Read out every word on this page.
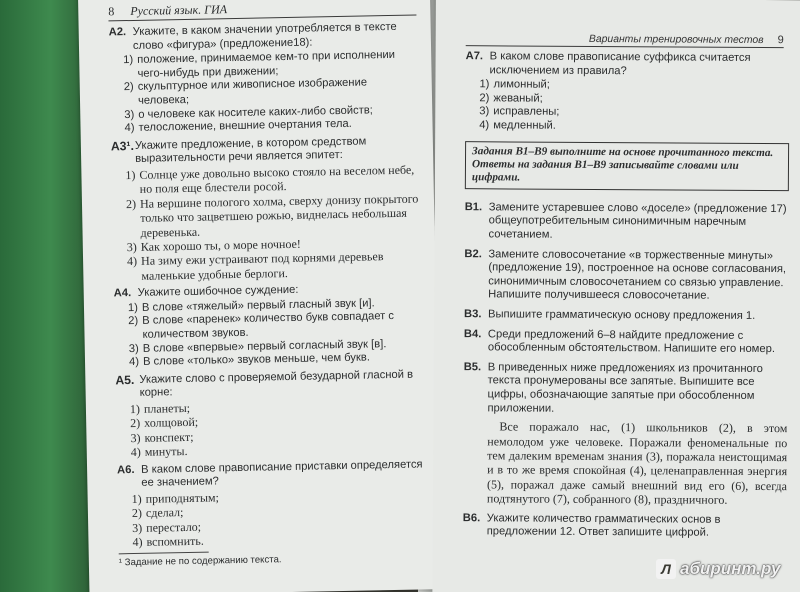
8	Русский язык. ГИА
А2. Укажите, в каком значении употребляется в тексте слово «фигура» (предложение18):
1) положение, принимаемое кем-то при исполнении чего-нибудь при движении;
2) скульптурное или живописное изображение человека;
3) о человеке как носителе каких-либо свойств;
4) телосложение, внешние очертания тела.
А3¹. Укажите предложение, в котором средством выразительности речи является эпитет:
1) Солнце уже довольно высоко стояло на веселом небе, но поля еще блестели росой.
2) На вершине пологого холма, сверху донизу покрытого только что зацветшею рожью, виднелась небольшая деревенька.
3) Как хорошо ты, о море ночное!
4) На зиму ежи устраивают под корнями деревьев маленькие удобные берлоги.
А4. Укажите ошибочное суждение:
1) В слове «тяжелый» первый гласный звук [и].
2) В слове «паренек» количество букв совпадает с количеством звуков.
3) В слове «впервые» первый согласный звук [в].
4) В слове «только» звуков меньше, чем букв.
А5. Укажите слово с проверяемой безударной гласной в корне:
1) планеты;
2) холщовой;
3) конспект;
4) минуты.
А6. В каком слове правописание приставки определяется ее значением?
1) приподнятым;
2) сделал;
3) перестало;
4) вспомнить.
¹ Задание не по содержанию текста.
Варианты тренировочных тестов 9
А7. В каком слове правописание суффикса считается исключением из правила?
1) лимонный;
2) жеваный;
3) исправлены;
4) медленный.
Задания В1–В9 выполните на основе прочитанного текста. Ответы на задания В1–В9 записывайте словами или цифрами.
В1. Замените устаревшее слово «доселе» (предложение 17) общеупотребительным синонимичным наречным сочетанием.
В2. Замените словосочетание «в торжественные минуты» (предложение 19), построенное на основе согласования, синонимичным словосочетанием со связью управление. Напишите получившееся словосочетание.
В3. Выпишите грамматическую основу предложения 1.
В4. Среди предложений 6–8 найдите предложение с обособленным обстоятельством. Напишите его номер.
В5. В приведенных ниже предложениях из прочитанного текста пронумерованы все запятые. Выпишите все цифры, обозначающие запятые при обособленном приложении.
Все поражало нас, (1) школьников (2), в этом немолодом уже человеке. Поражали феноменальные по тем далеким временам знания (3), поражала неистощимая и в то же время спокойная (4), целенаправленная энергия (5), поражал даже самый внешний вид его (6), всегда подтянутого (7), собранного (8), праздничного.
В6. Укажите количество грамматических основ в предложении 12. Ответ запишите цифрой.
Л абиринт.ру
